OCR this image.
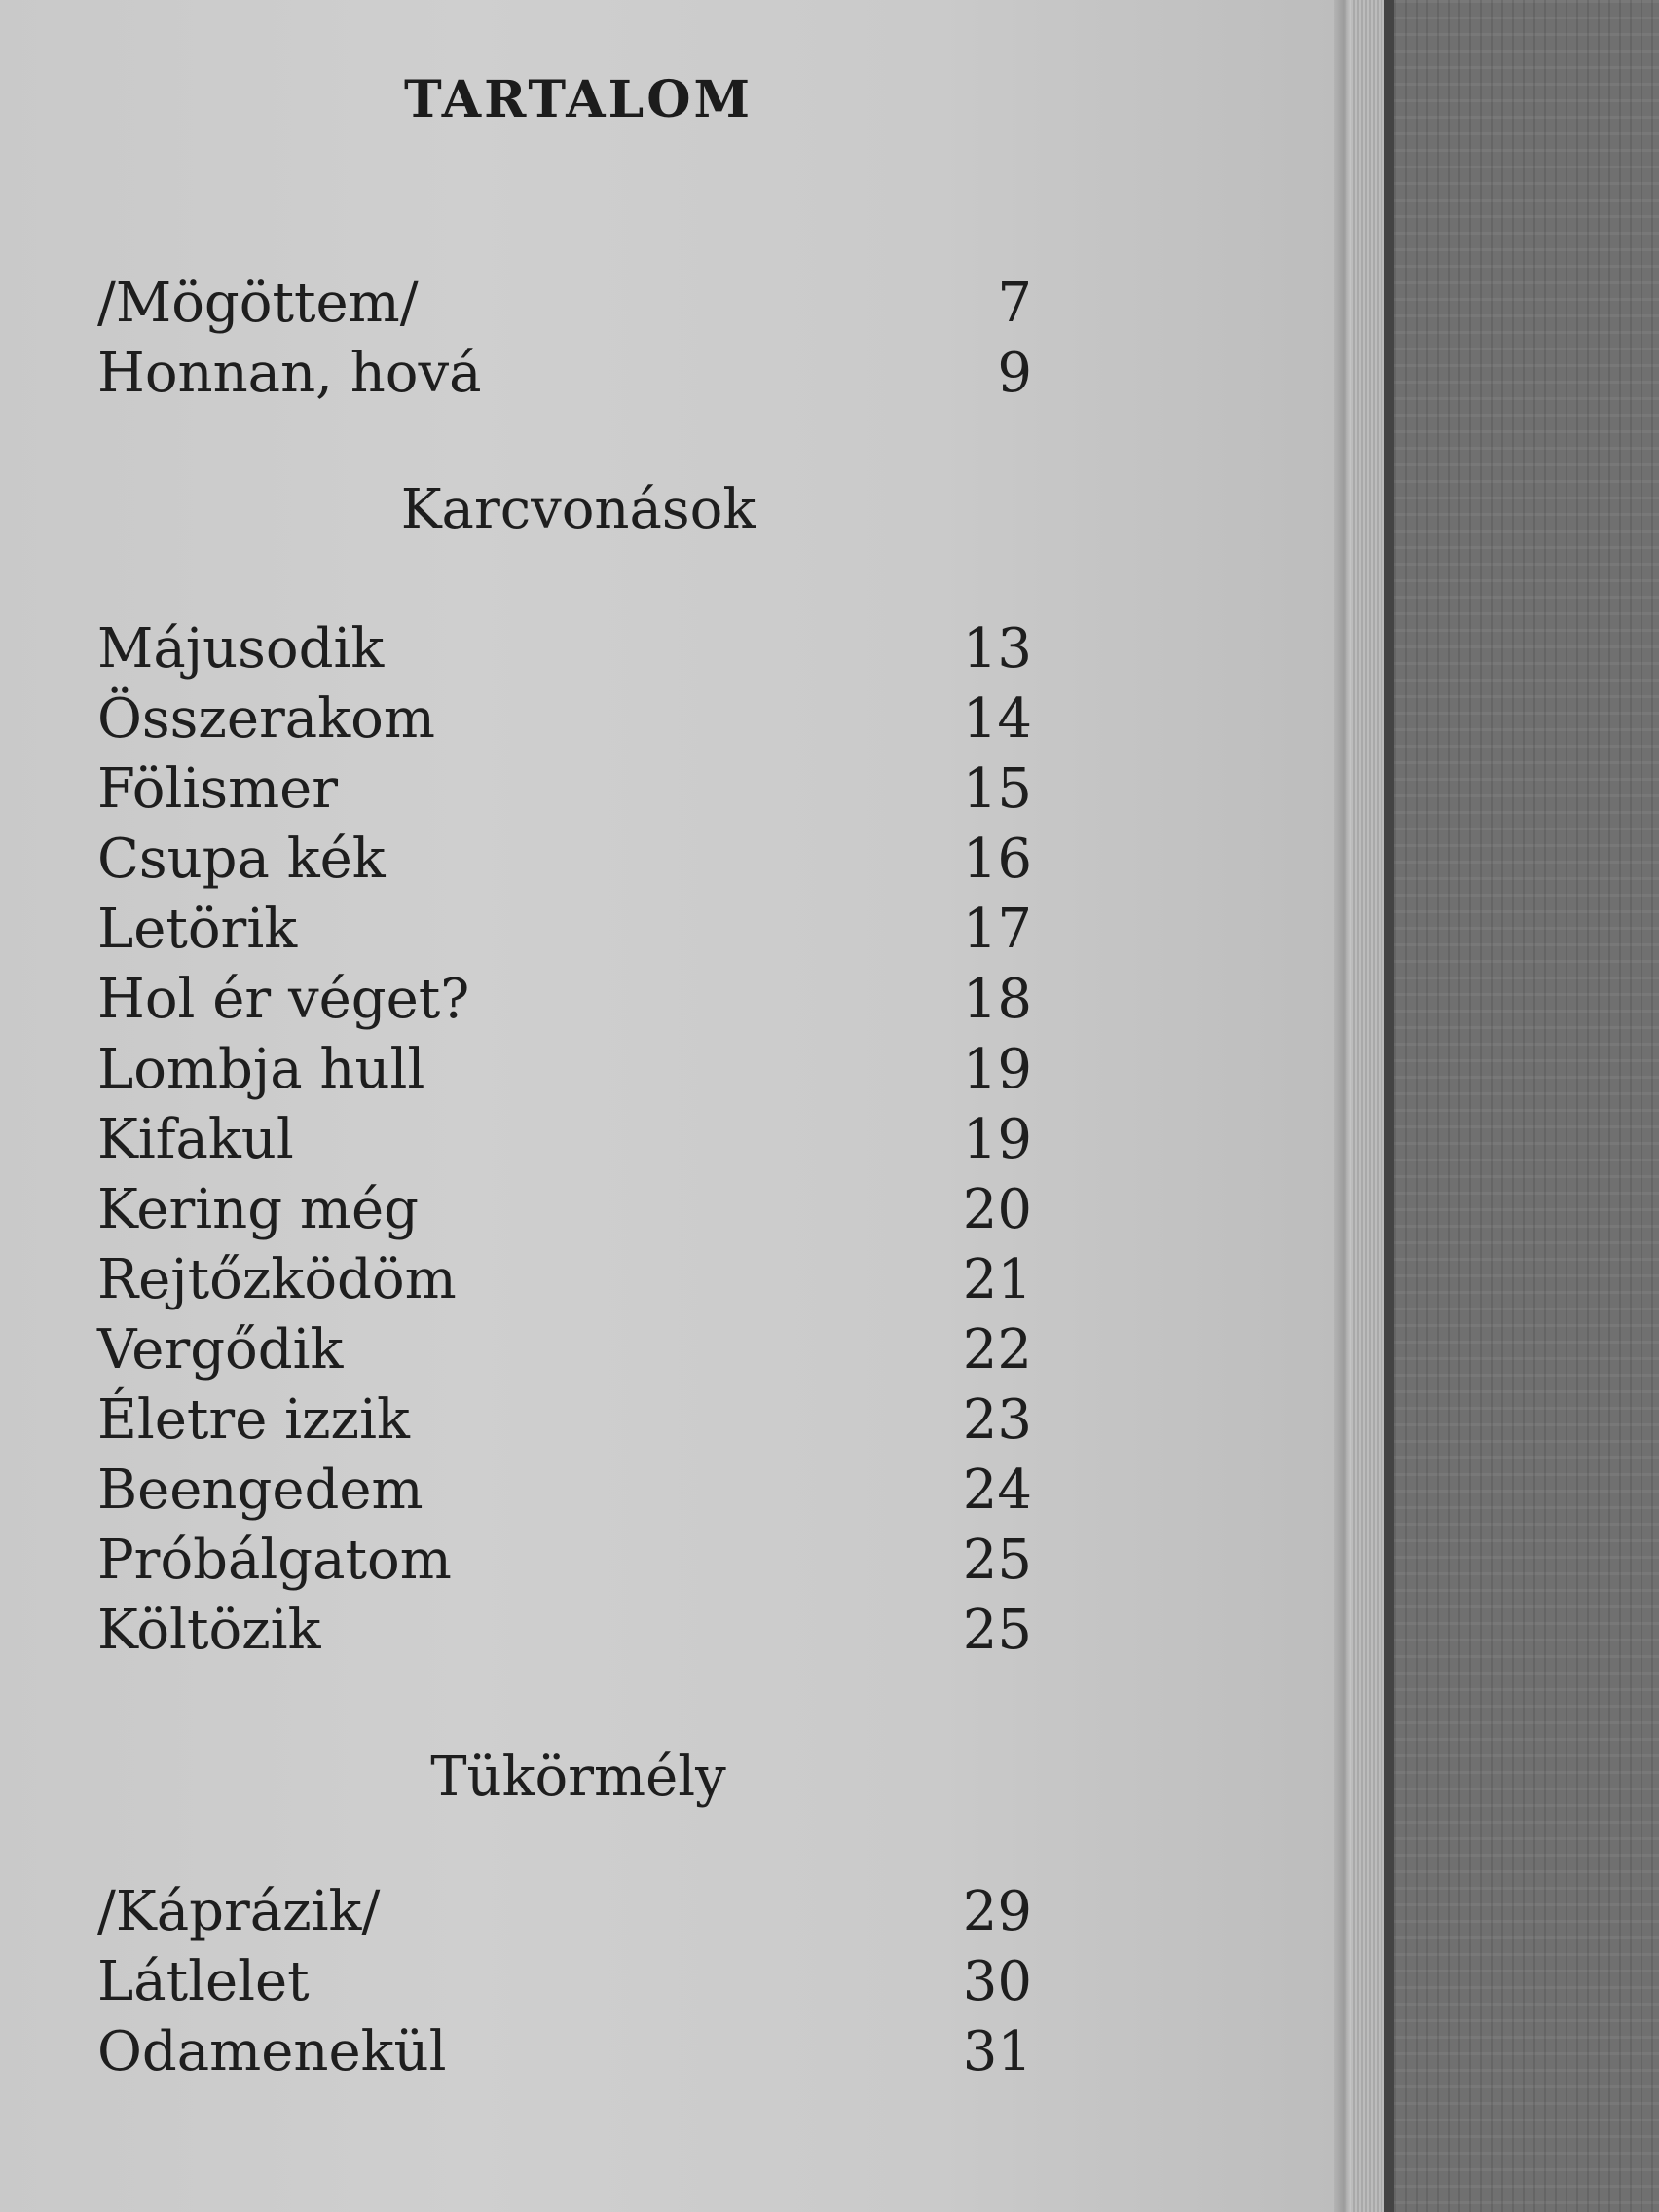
TARTALOM
/Mögöttem/	7
Honnan, hová	9
Karcvonások
Májusodik	13
Összerakom	14
Fölismer	15
Csupa kék	16
Letörik	17
Hol ér véget?	18
Lombja hull	19
Kifakul	19
Kering még	20
Rejtőzködöm	21
Vergődik	22
Életre izzik	23
Beengedem	24
Próbálgatom	25
Költözik	25
Tükörmély
/Káprázik/	29
Látlelet	30
Odamenekül	31
